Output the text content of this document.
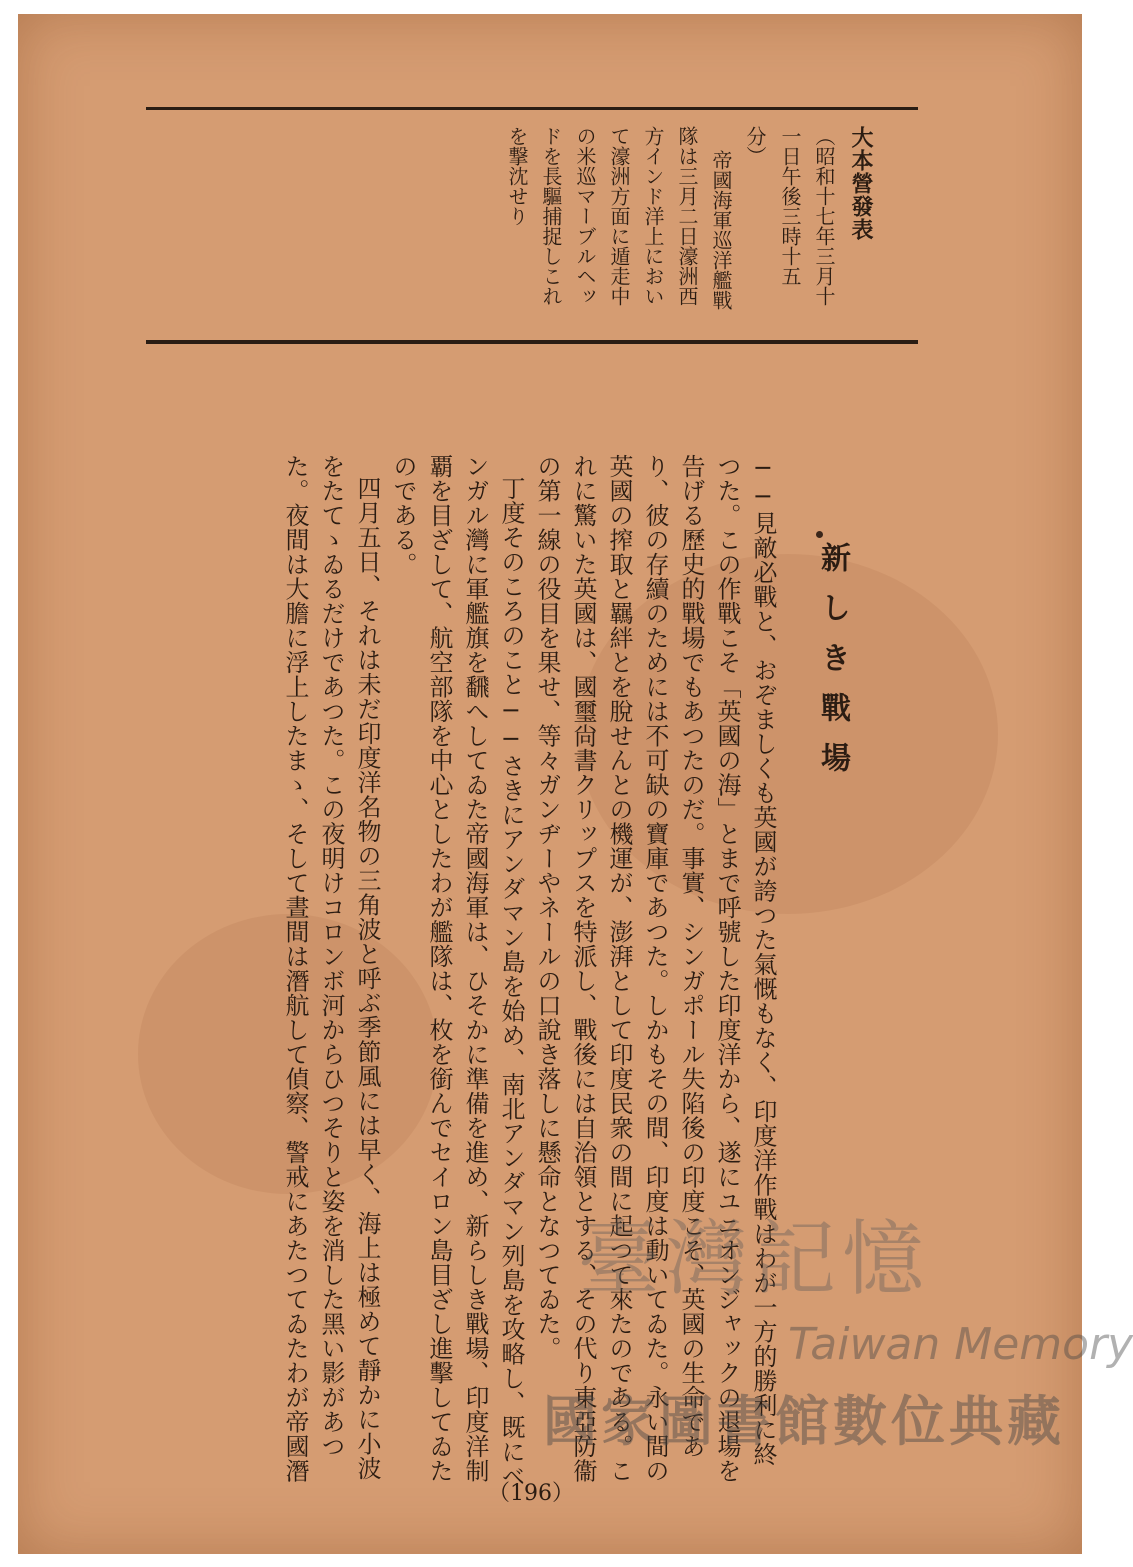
大本營發表
（昭和十七年三月十
一日午後三時十五
分）
帝國海軍巡洋艦戰
隊は三月二日濠洲西
方インド洋上におい
て濠洲方面に遁走中
の米巡マーブルヘッ
ドを長驅捕捉しこれ
を撃沈せり
新しき戰場
──見敵必戰と、おぞましくも英國が誇つた氣慨もなく、印度洋作戰はわが一方的勝利に終
つた。この作戰こそ「英國の海」とまで呼號した印度洋から、遂にユニオンジャックの退場を
告げる歷史的戰場でもあつたのだ。事實、シンガポール失陷後の印度こそ、英國の生命であ
り、彼の存續のためには不可缺の寶庫であつた。しかもその間、印度は動いてゐた。永い間の
英國の搾取と羈絆とを脫せんとの機運が、澎湃として印度民衆の間に起つて來たのである。こ
れに驚いた英國は、國璽尙書クリップスを特派し、戰後には自治領とする、その代り東亞防衞
の第一線の役目を果せ、等々ガンヂーやネールの口說き落しに懸命となつてゐた。
丁度そのころのこと──さきにアンダマン島を始め、南北アンダマン列島を攻略し、既にベ
ンガル灣に軍艦旗を飜へしてゐた帝國海軍は、ひそかに準備を進め、新らしき戰場、印度洋制
覇を目ざして、航空部隊を中心としたわが艦隊は、枚を銜んでセイロン島目ざし進擊してゐた
のである。
四月五日、それは未だ印度洋名物の三角波と呼ぶ季節風には早く、海上は極めて靜かに小波
をたてゝゐるだけであつた。この夜明けコロンボ河からひつそりと姿を消した黑い影があつ
た。夜間は大膽に浮上したまゝ、そして晝間は潛航して偵察、警戒にあたつてゐたわが帝國潛
（196）
臺灣記憶
Taiwan Memory
國家圖書館數位典藏
